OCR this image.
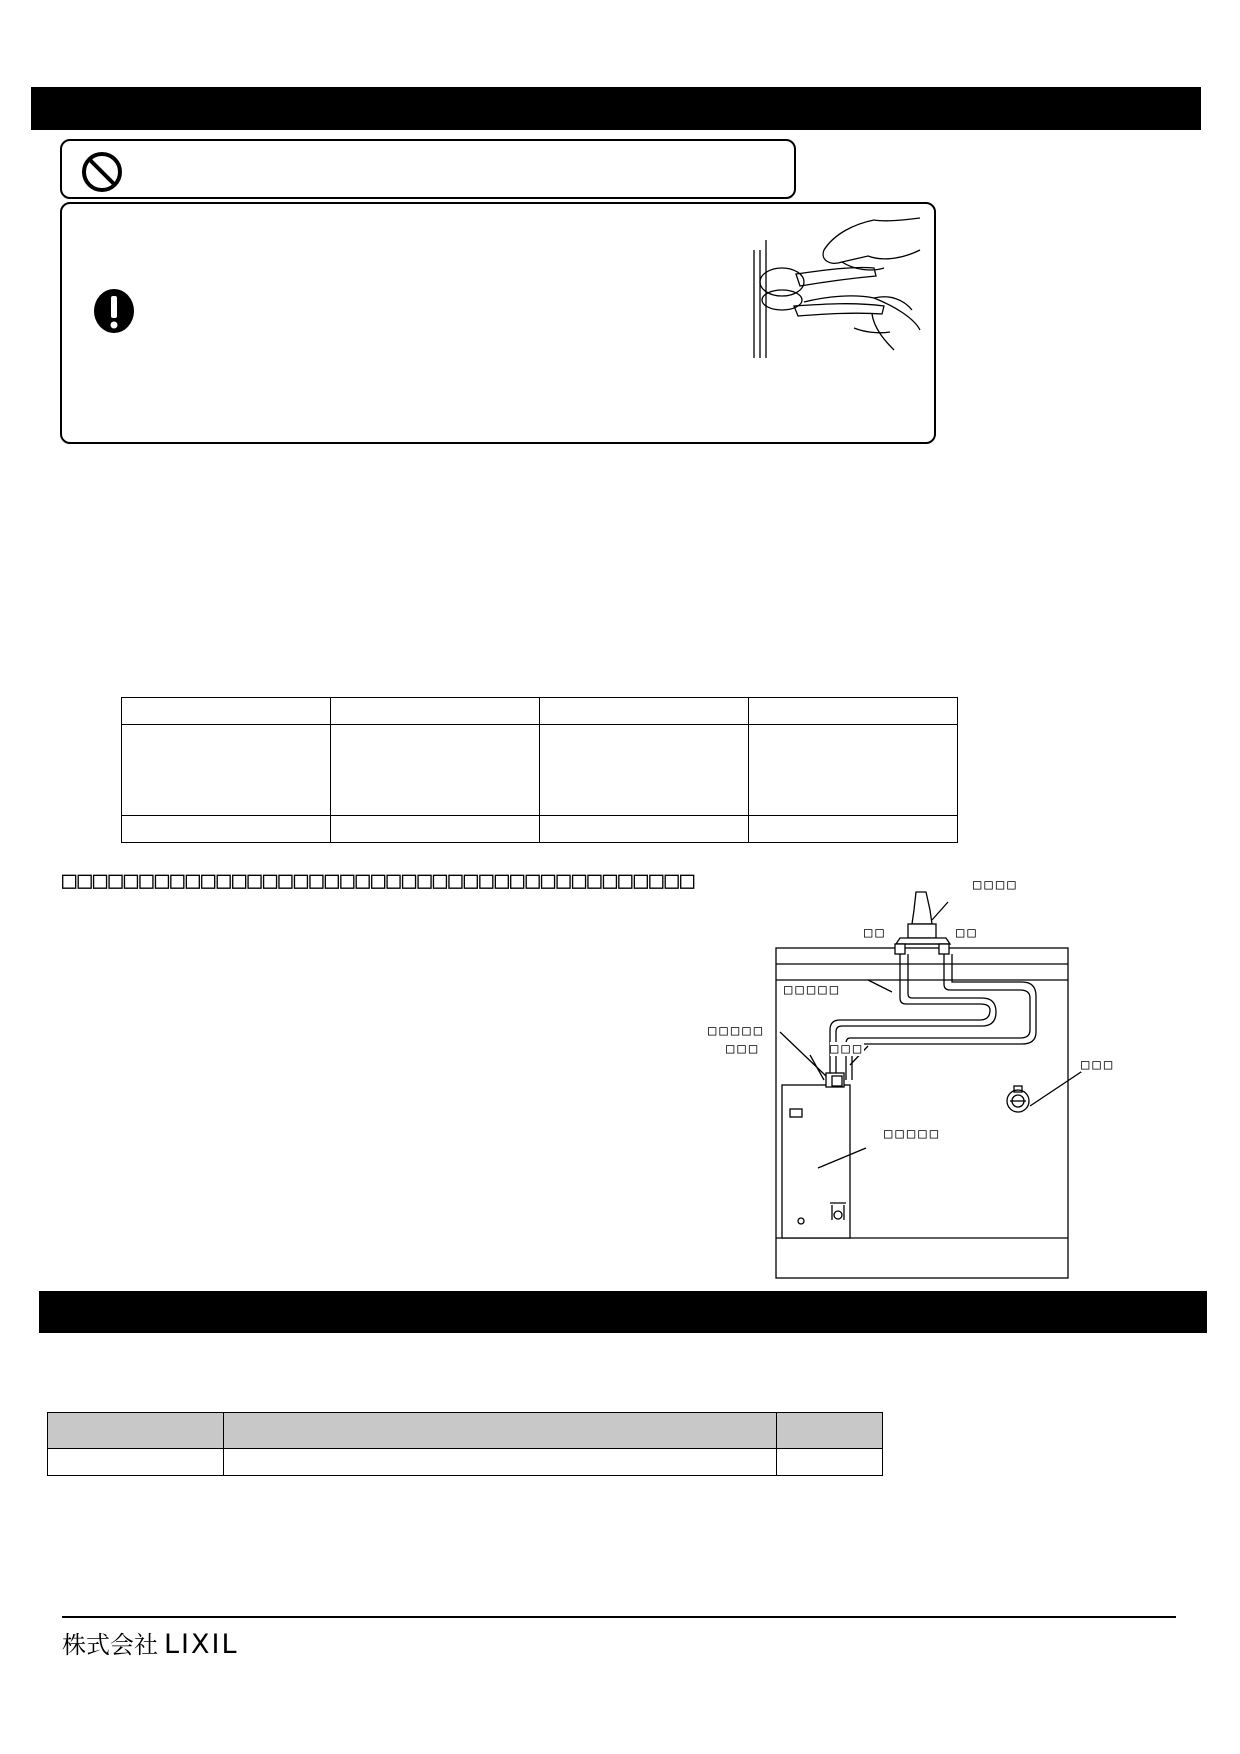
□□□□□□□□□□□□□□□□□□□□□□□□□□□□□□□□□□□□□□□□□	□□□□
□□	□□
□□□□□
□□□□□
□□□	□□□
□□□
□□□□□

株式会社 LIXIL
